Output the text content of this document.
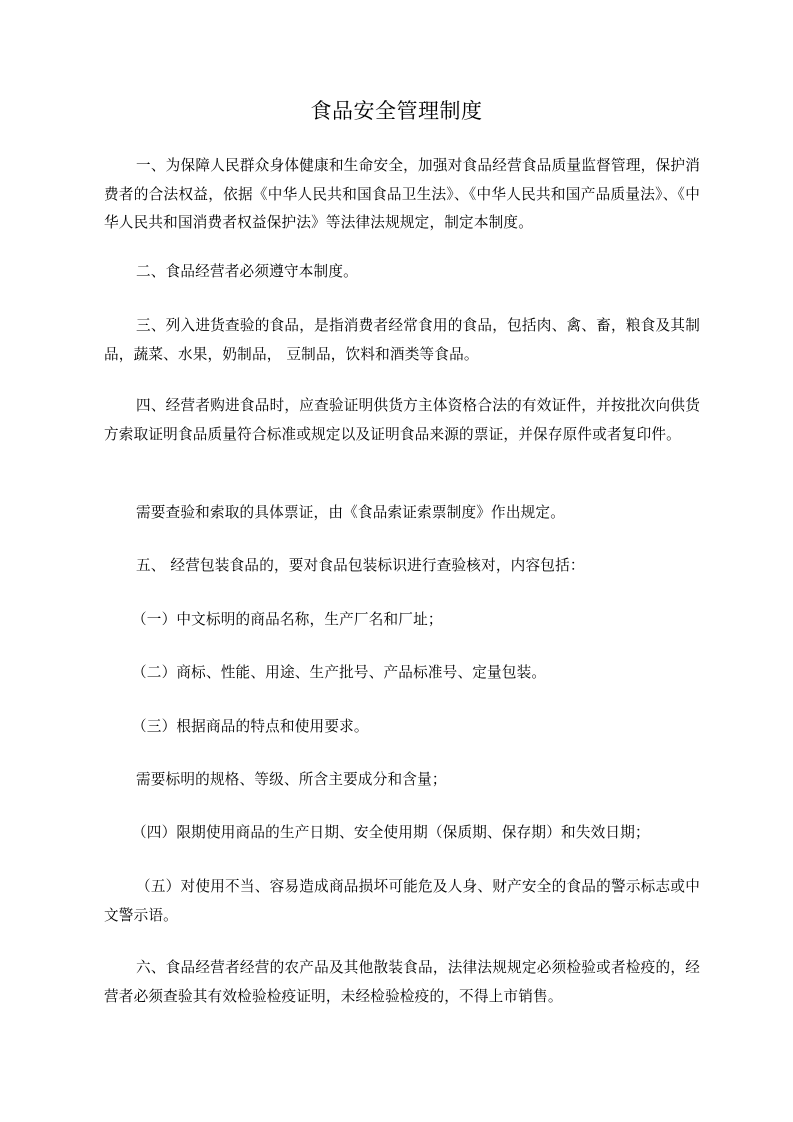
食品安全管理制度

一、为保障人民群众身体健康和生命安全，加强对食品经营食品质量监督管理，保护消费者的合法权益，依据《中华人民共和国食品卫生法》、《中华人民共和国产品质量法》、《中华人民共和国消费者权益保护法》等法律法规规定，制定本制度。

二、食品经营者必须遵守本制度。

三、列入进货查验的食品，是指消费者经常食用的食品，包括肉、禽、畜，粮食及其制品，蔬菜、水果，奶制品， 豆制品，饮料和酒类等食品。

四、经营者购进食品时，应查验证明供货方主体资格合法的有效证件，并按批次向供货方索取证明食品质量符合标准或规定以及证明食品来源的票证，并保存原件或者复印件。

需要查验和索取的具体票证，由《食品索证索票制度》作出规定。

五、 经营包装食品的，要对食品包装标识进行查验核对，内容包括：

（一）中文标明的商品名称，生产厂名和厂址；

（二）商标、性能、用途、生产批号、产品标准号、定量包装。

（三）根据商品的特点和使用要求。

需要标明的规格、等级、所含主要成分和含量；

（四）限期使用商品的生产日期、安全使用期（保质期、保存期）和失效日期；

（五）对使用不当、容易造成商品损坏可能危及人身、财产安全的食品的警示标志或中文警示语。

六、食品经营者经营的农产品及其他散装食品，法律法规规定必须检验或者检疫的，经营者必须查验其有效检验检疫证明，未经检验检疫的，不得上市销售。
